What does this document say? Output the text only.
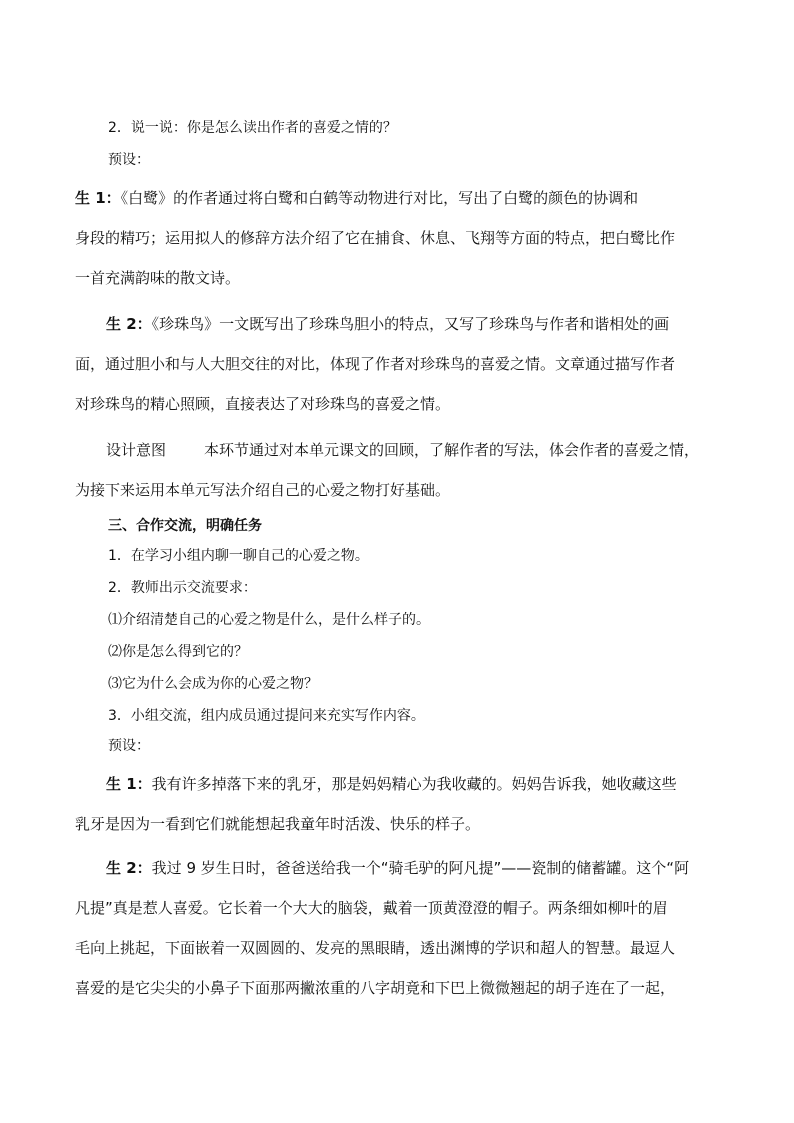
2．说一说：你是怎么读出作者的喜爱之情的？
预设：
生 1：《白鹭》的作者通过将白鹭和白鹤等动物进行对比，写出了白鹭的颜色的协调和
身段的精巧；运用拟人的修辞方法介绍了它在捕食、休息、飞翔等方面的特点，把白鹭比作
一首充满韵味的散文诗。
生 2：《珍珠鸟》一文既写出了珍珠鸟胆小的特点，又写了珍珠鸟与作者和谐相处的画
面，通过胆小和与人大胆交往的对比，体现了作者对珍珠鸟的喜爱之情。文章通过描写作者
对珍珠鸟的精心照顾，直接表达了对珍珠鸟的喜爱之情。
设计意图	本环节通过对本单元课文的回顾，了解作者的写法，体会作者的喜爱之情，
为接下来运用本单元写法介绍自己的心爱之物打好基础。
三、合作交流，明确任务
1．在学习小组内聊一聊自己的心爱之物。
2．教师出示交流要求：
⑴介绍清楚自己的心爱之物是什么，是什么样子的。
⑵你是怎么得到它的？
⑶它为什么会成为你的心爱之物？
3．小组交流，组内成员通过提问来充实写作内容。
预设：
生 1：我有许多掉落下来的乳牙，那是妈妈精心为我收藏的。妈妈告诉我，她收藏这些
乳牙是因为一看到它们就能想起我童年时活泼、快乐的样子。
生 2：我过 9 岁生日时，爸爸送给我一个“骑毛驴的阿凡提”——瓷制的储蓄罐。这个“阿
凡提”真是惹人喜爱。它长着一个大大的脑袋，戴着一顶黄澄澄的帽子。两条细如柳叶的眉
毛向上挑起，下面嵌着一双圆圆的、发亮的黑眼睛，透出渊博的学识和超人的智慧。最逗人
喜爱的是它尖尖的小鼻子下面那两撇浓重的八字胡竟和下巴上微微翘起的胡子连在了一起，
